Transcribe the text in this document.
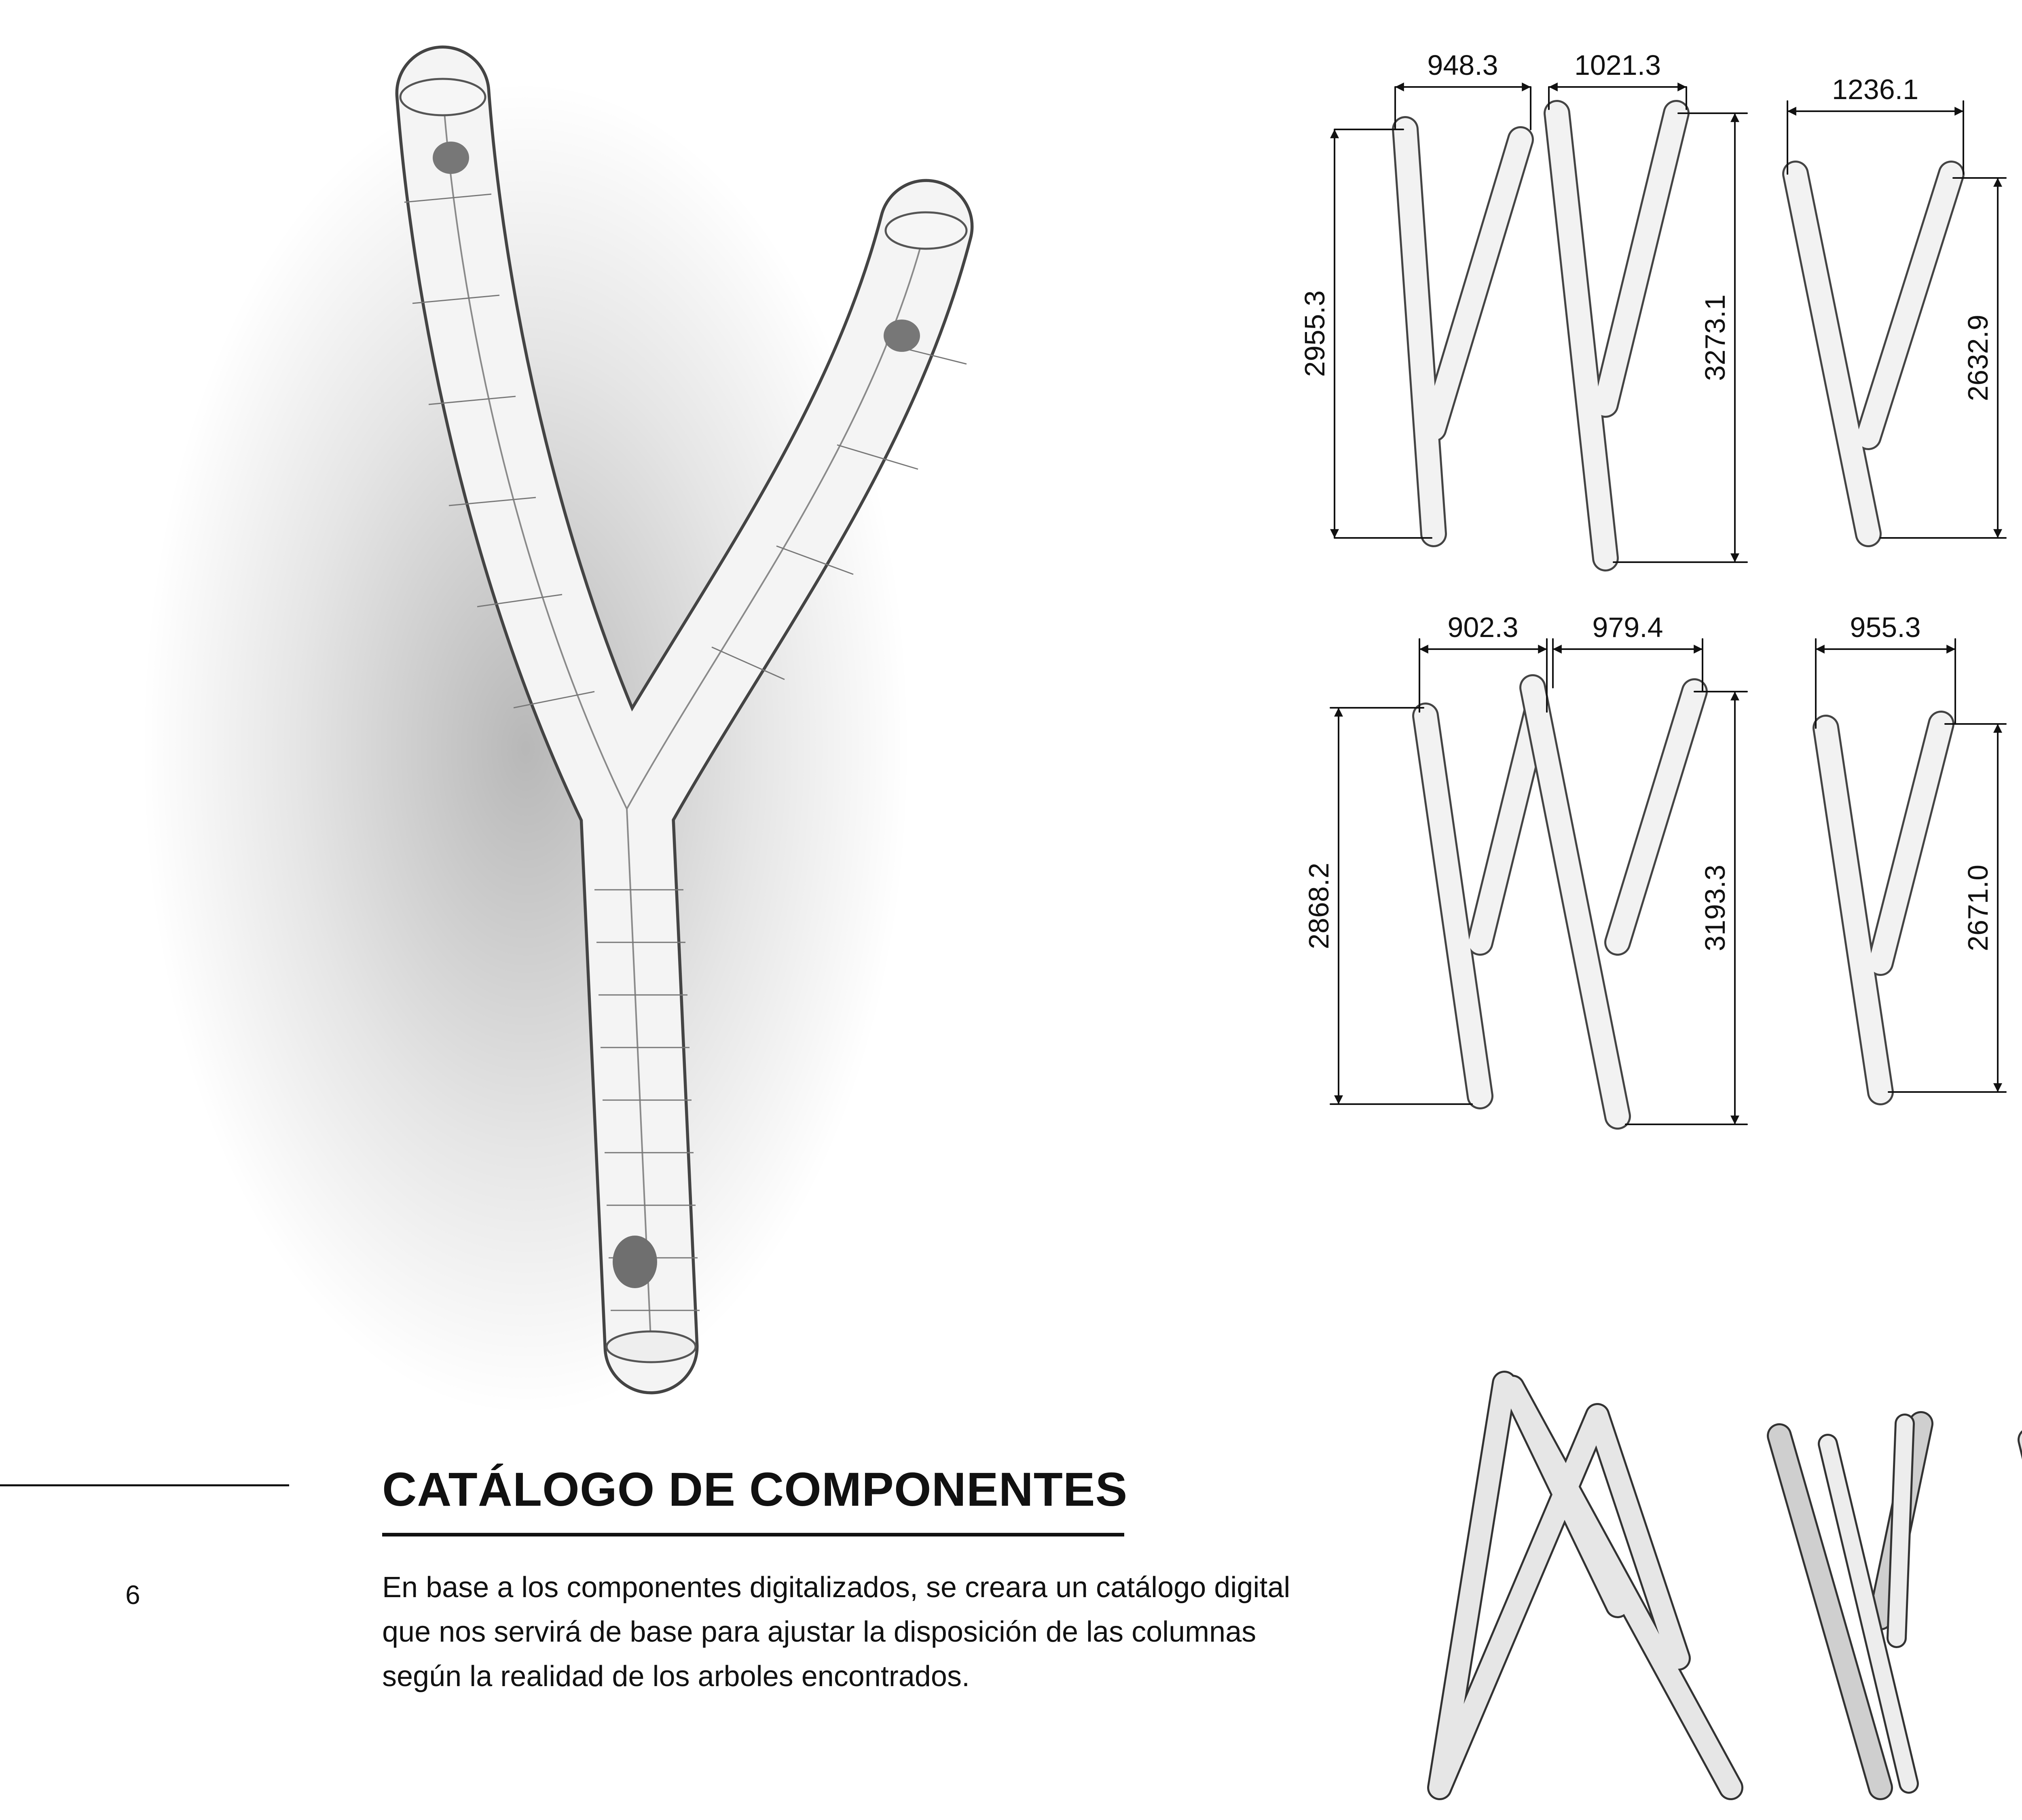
948.3	1021.3
1236.1
2955.3	3273.1	2632.9
902.3	979.4	955.3
2868.2	3193.3	2671.0
6
CATÁLOGO DE COMPONENTES

En base a los componentes digitalizados, se creara un catálogo digital que nos servirá de base para ajustar la disposición de las columnas según la realidad de los arboles encontrados.
